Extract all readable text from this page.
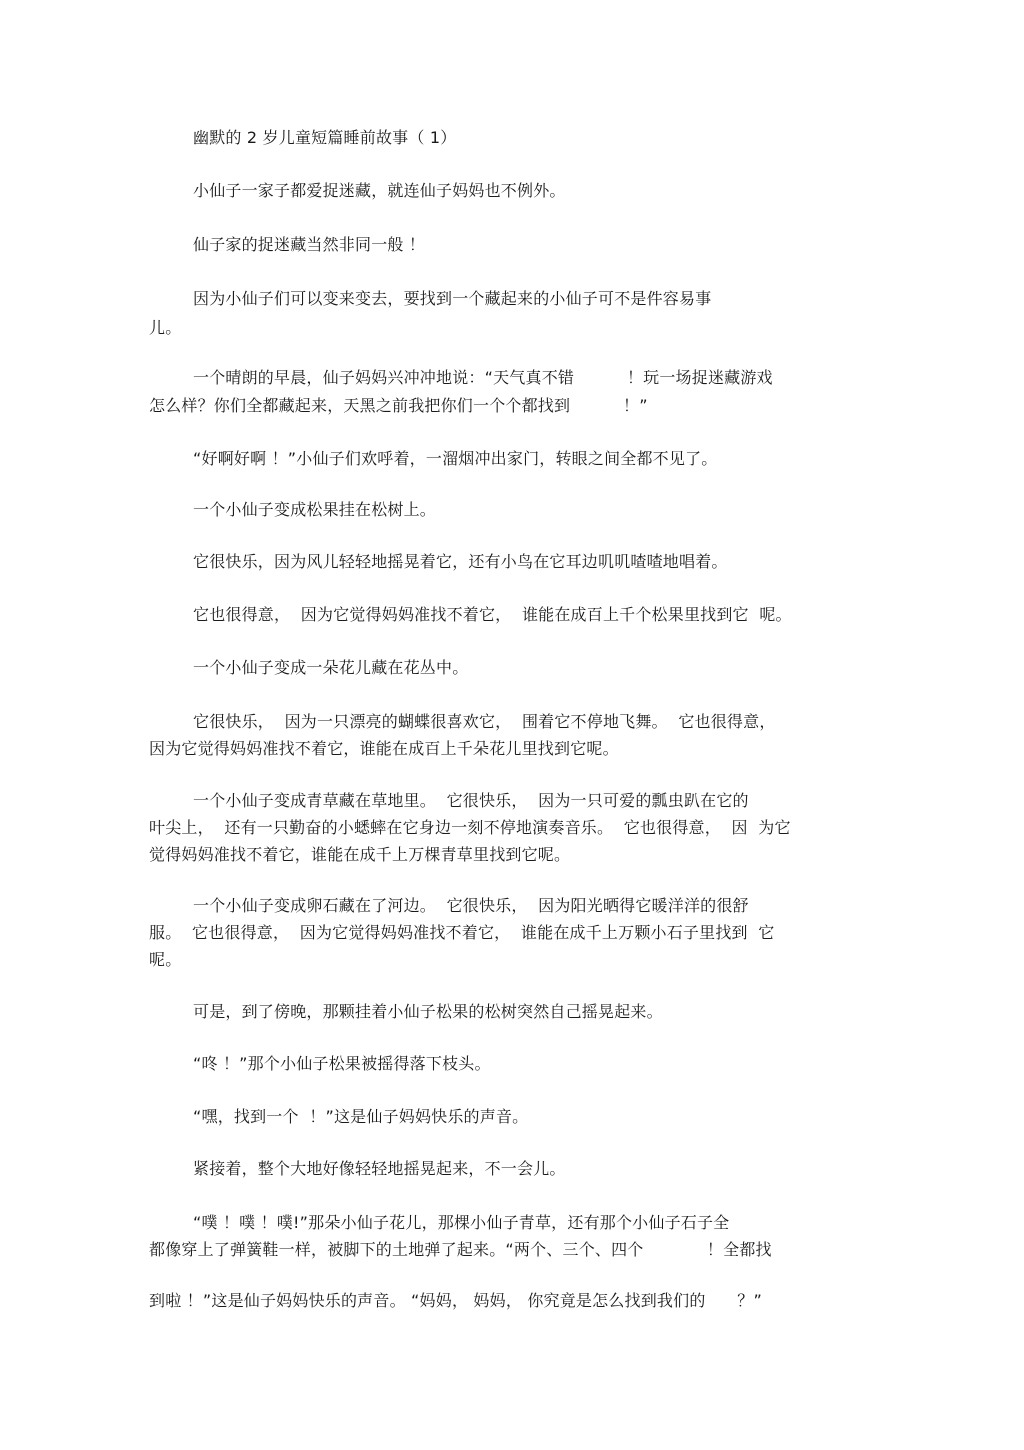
幽默的 2 岁儿童短篇睡前故事（ 1）
小仙子一家子都爱捉迷藏，就连仙子妈妈也不例外。
仙子家的捉迷藏当然非同一般 ！
因为小仙子们可以变来变去，要找到一个藏起来的小仙子可不是件容易事
儿。
一个晴朗的早晨，仙子妈妈兴冲冲地说：“天气真不错          ！玩一场捉迷藏游戏
怎么样？你们全都藏起来，天黑之前我把你们一个个都找到          ！”
“好啊好啊 ！”小仙子们欢呼着，一溜烟冲出家门，转眼之间全都不见了。
一个小仙子变成松果挂在松树上。
它很快乐，因为风儿轻轻地摇晃着它，还有小鸟在它耳边叽叽喳喳地唱着。
它也很得意，  因为它觉得妈妈准找不着它，  谁能在成百上千个松果里找到它  呢。
一个小仙子变成一朵花儿藏在花丛中。
它很快乐，  因为一只漂亮的蝴蝶很喜欢它，  围着它不停地飞舞。  它也很得意，
因为它觉得妈妈准找不着它，谁能在成百上千朵花儿里找到它呢。
一个小仙子变成青草藏在草地里。  它很快乐，  因为一只可爱的瓢虫趴在它的
叶尖上，  还有一只勤奋的小蟋蟀在它身边一刻不停地演奏音乐。  它也很得意，  因  为它
觉得妈妈准找不着它，谁能在成千上万棵青草里找到它呢。
一个小仙子变成卵石藏在了河边。  它很快乐，  因为阳光晒得它暖洋洋的很舒
服。  它也很得意，  因为它觉得妈妈准找不着它，  谁能在成千上万颗小石子里找到  它
呢。
可是，到了傍晚，那颗挂着小仙子松果的松树突然自己摇晃起来。
“咚 ！”那个小仙子松果被摇得落下枝头。
“嘿，找到一个  ！”这是仙子妈妈快乐的声音。
紧接着，整个大地好像轻轻地摇晃起来，不一会儿。
“噗 ！噗 ！噗!”那朵小仙子花儿，那棵小仙子青草，还有那个小仙子石子全
都像穿上了弹簧鞋一样，被脚下的土地弹了起来。“两个、三个、四个            ！全都找
到啦 ！”这是仙子妈妈快乐的声音。 “妈妈， 妈妈， 你究竟是怎么找到我们的      ？”
